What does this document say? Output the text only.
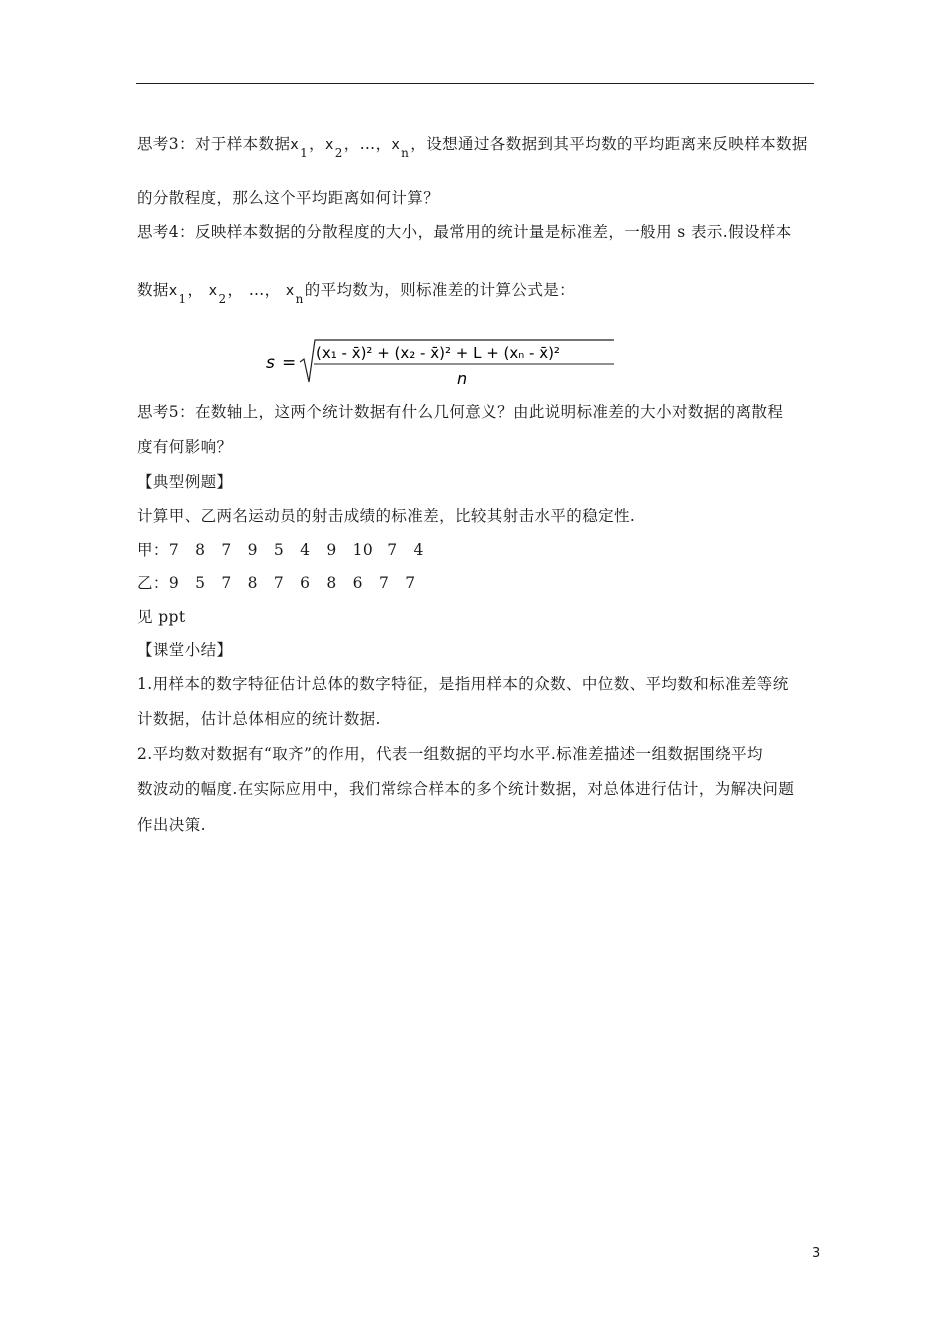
思考3：对于样本数据$x_1$，$x_2$，…，$x_n$，设想通过各数据到其平均数的平均距离来反映样本数据
的分散程度，那么这个平均距离如何计算？
思考4：反映样本数据的分散程度的大小，最常用的统计量是标准差，一般用 s 表示.假设样本
数据$x_1$， $x_2$， …， $x_n$的平均数为，则标准差的计算公式是：
s = (x₁ - x̄)² + (x₂ - x̄)² + L + (xₙ - x̄)²
n
思考5：在数轴上，这两个统计数据有什么几何意义？由此说明标准差的大小对数据的离散程
度有何影响？
【典型例题】
计算甲、乙两名运动员的射击成绩的标准差，比较其射击水平的稳定性.
甲：7 8 7 9 5 4 9 10 7 4
乙：9 5 7 8 7 6 8 6 7 7
见 ppt
【课堂小结】
1.用样本的数字特征估计总体的数字特征，是指用样本的众数、中位数、平均数和标准差等统
计数据，估计总体相应的统计数据.
2.平均数对数据有“取齐”的作用，代表一组数据的平均水平.标准差描述一组数据围绕平均
数波动的幅度.在实际应用中，我们常综合样本的多个统计数据，对总体进行估计，为解决问题
作出决策.
3
